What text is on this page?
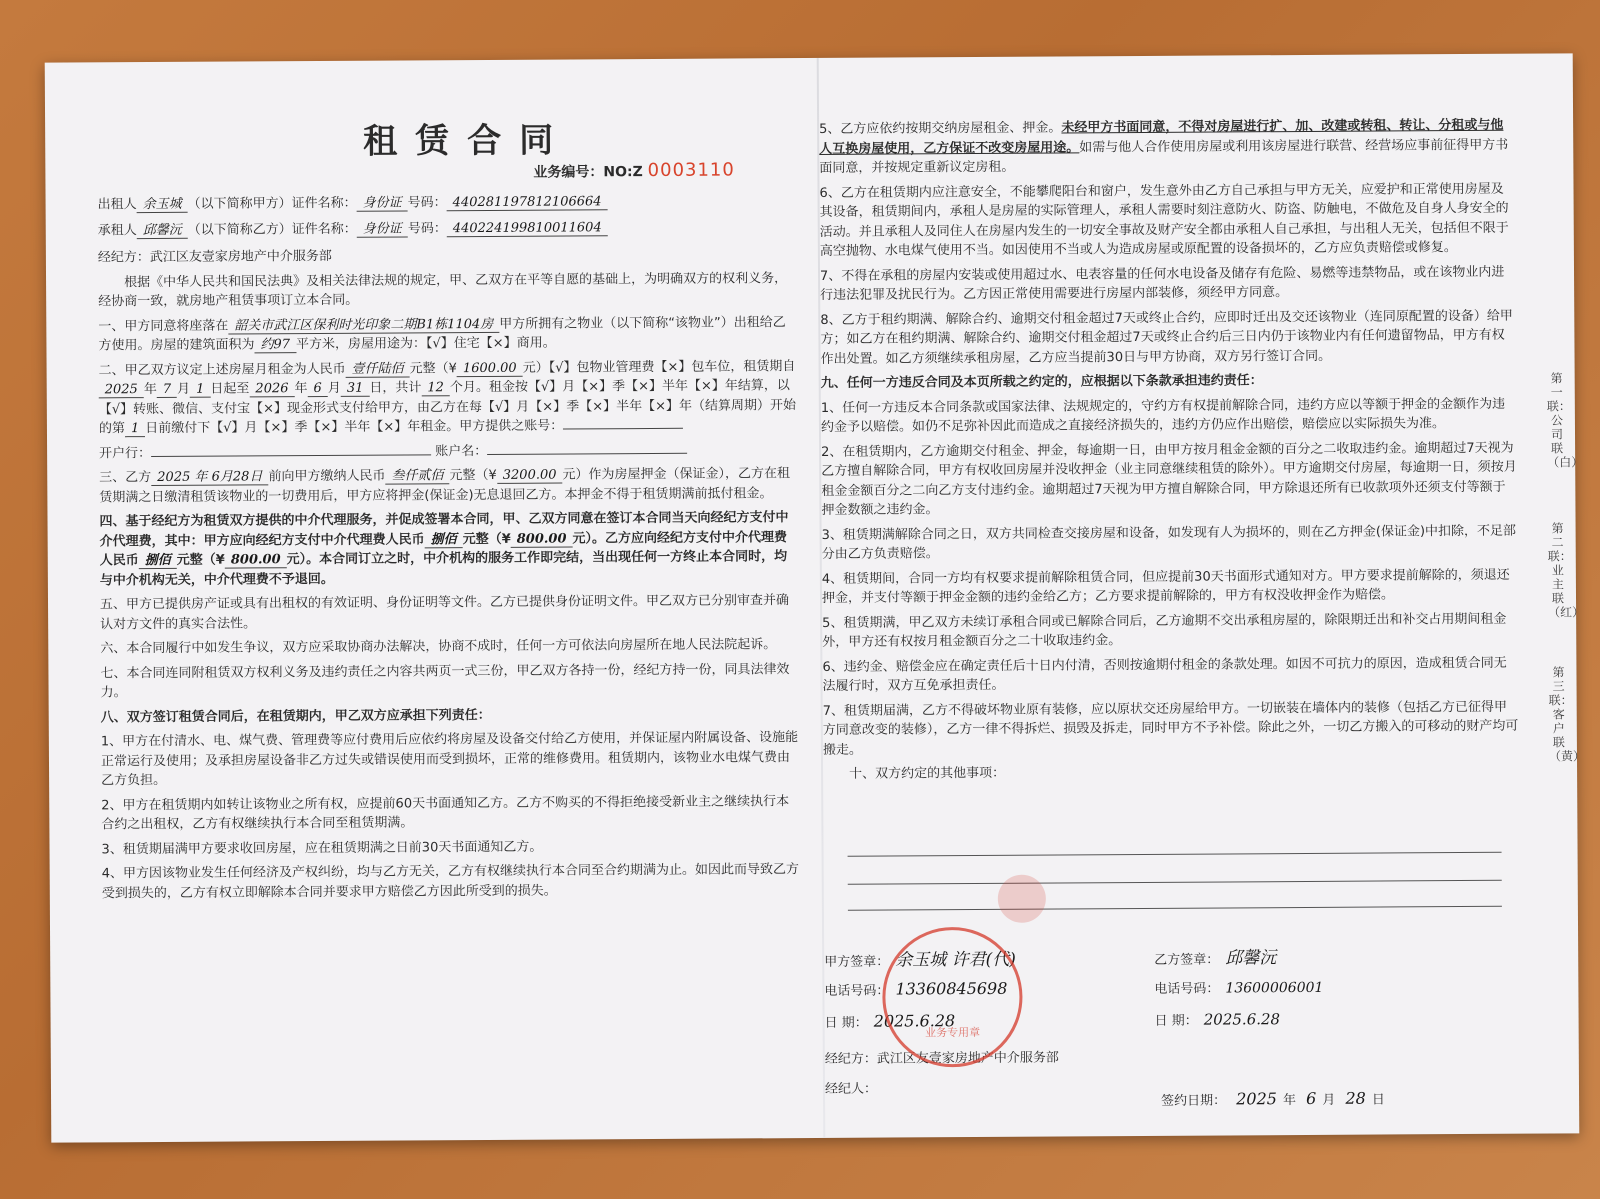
租赁合同
业务编号：NO:Z 0003110

出租人 余玉城 （以下简称甲方）证件名称： 身份证 号码： 440281197812106664

承租人 邱馨沅 （以下简称乙方）证件名称： 身份证 号码： 440224199810011604

经纪方：武江区友壹家房地产中介服务部

根据《中华人民共和国民法典》及相关法律法规的规定，甲、乙双方在平等自愿的基础上，为明确双方的权利义务，经协商一致，就房地产租赁事项订立本合同。

一、甲方同意将座落在 韶关市武江区保利时光印象二期B1栋1104房 甲方所拥有之物业（以下简称“该物业”）出租给乙方使用。房屋的建筑面积为 约97 平方米，房屋用途为：【√】住宅【×】商用。

二、甲乙双方议定上述房屋月租金为人民币 壹仟陆佰 元整（¥ 1600.00 元）【√】包物业管理费【×】包车位，租赁期自2025 年 7 月 1 日起至 2026 年 6 月 31 日，共计 12 个月。租金按【√】月【×】季【×】半年【×】年结算，以【√】转账、微信、支付宝【×】现金形式支付给甲方，由乙方在每【√】月【×】季【×】半年【×】年（结算周期）开始的第 1 日前缴付下【√】月【×】季【×】半年【×】年租金。甲方提供之账号：

开户行：	账户名：

三、乙方 2025 年 6月28日 前向甲方缴纳人民币 叁仟贰佰 元整（¥ 3200.00 元）作为房屋押金（保证金），乙方在租赁期满之日缴清租赁该物业的一切费用后，甲方应将押金(保证金)无息退回乙方。本押金不得于租赁期满前抵付租金。

四、基于经纪方为租赁双方提供的中介代理服务，并促成签署本合同，甲、乙双方同意在签订本合同当天向经纪方支付中介代理费，其中：甲方应向经纪方支付中介代理费人民币 捌佰 元整（¥ 800.00 元）。乙方应向经纪方支付中介代理费人民币 捌佰 元整（¥ 800.00 元）。本合同订立之时，中介机构的服务工作即完结，当出现任何一方终止本合同时，均与中介机构无关，中介代理费不予退回。

五、甲方已提供房产证或具有出租权的有效证明、身份证明等文件。乙方已提供身份证明文件。甲乙双方已分别审查并确认对方文件的真实合法性。

六、本合同履行中如发生争议，双方应采取协商办法解决，协商不成时，任何一方可依法向房屋所在地人民法院起诉。

七、本合同连同附租赁双方权利义务及违约责任之内容共两页一式三份，甲乙双方各持一份，经纪方持一份，同具法律效力。

八、双方签订租赁合同后，在租赁期内，甲乙双方应承担下列责任：

1、甲方在付清水、电、煤气费、管理费等应付费用后应依约将房屋及设备交付给乙方使用，并保证屋内附属设备、设施能正常运行及使用；及承担房屋设备非乙方过失或错误使用而受到损坏，正常的维修费用。租赁期内，该物业水电煤气费由乙方负担。

2、甲方在租赁期内如转让该物业之所有权，应提前60天书面通知乙方。乙方不购买的不得拒绝接受新业主之继续执行本合约之出租权，乙方有权继续执行本合同至租赁期满。

3、租赁期届满甲方要求收回房屋，应在租赁期满之日前30天书面通知乙方。

4、甲方因该物业发生任何经济及产权纠纷，均与乙方无关，乙方有权继续执行本合同至合约期满为止。如因此而导致乙方受到损失的，乙方有权立即解除本合同并要求甲方赔偿乙方因此所受到的损失。

5、乙方应依约按期交纳房屋租金、押金。未经甲方书面同意，不得对房屋进行扩、加、改建或转租、转让、分租或与他人互换房屋使用，乙方保证不改变房屋用途。如需与他人合作使用房屋或利用该房屋进行联营、经营场应事前征得甲方书面同意，并按规定重新议定房租。

6、乙方在租赁期内应注意安全，不能攀爬阳台和窗户，发生意外由乙方自己承担与甲方无关，应爱护和正常使用房屋及其设备，租赁期间内，承租人是房屋的实际管理人，承租人需要时刻注意防火、防盗、防触电，不做危及自身人身安全的活动。并且承租人及同住人在房屋内发生的一切安全事故及财产安全都由承租人自己承担，与出租人无关，包括但不限于高空抛物、水电煤气使用不当。如因使用不当或人为造成房屋或原配置的设备损坏的，乙方应负责赔偿或修复。

7、不得在承租的房屋内安装或使用超过水、电表容量的任何水电设备及储存有危险、易燃等违禁物品，或在该物业内进行违法犯罪及扰民行为。乙方因正常使用需要进行房屋内部装修，须经甲方同意。

8、乙方于租约期满、解除合约、逾期交付租金超过7天或终止合约，应即时迁出及交还该物业（连同原配置的设备）给甲方；如乙方在租约期满、解除合约、逾期交付租金超过7天或终止合约后三日内仍于该物业内有任何遗留物品，甲方有权作出处置。如乙方须继续承租房屋，乙方应当提前30日与甲方协商，双方另行签订合同。

九、任何一方违反合同及本页所载之约定的，应根据以下条款承担违约责任：

1、任何一方违反本合同条款或国家法律、法规规定的，守约方有权提前解除合同，违约方应以等额于押金的金额作为违约金予以赔偿。如仍不足弥补因此而造成之直接经济损失的，违约方仍应作出赔偿，赔偿应以实际损失为准。

2、在租赁期内，乙方逾期交付租金、押金，每逾期一日，由甲方按月租金金额的百分之二收取违约金。逾期超过7天视为乙方擅自解除合同，甲方有权收回房屋并没收押金（业主同意继续租赁的除外）。甲方逾期交付房屋，每逾期一日，须按月租金金额百分之二向乙方支付违约金。逾期超过7天视为甲方擅自解除合同，甲方除退还所有已收款项外还须支付等额于押金数额之违约金。

3、租赁期满解除合同之日，双方共同检查交接房屋和设备，如发现有人为损坏的，则在乙方押金(保证金)中扣除，不足部分由乙方负责赔偿。

4、租赁期间，合同一方均有权要求提前解除租赁合同，但应提前30天书面形式通知对方。甲方要求提前解除的，须退还押金，并支付等额于押金金额的违约金给乙方；乙方要求提前解除的，甲方有权没收押金作为赔偿。

5、租赁期满，甲乙双方未续订承租合同或已解除合同后，乙方逾期不交出承租房屋的，除限期迁出和补交占用期间租金外，甲方还有权按月租金额百分之二十收取违约金。

6、违约金、赔偿金应在确定责任后十日内付清，否则按逾期付租金的条款处理。如因不可抗力的原因，造成租赁合同无法履行时，双方互免承担责任。

7、租赁期届满，乙方不得破坏物业原有装修，应以原状交还房屋给甲方。一切嵌装在墙体内的装修（包括乙方已征得甲方同意改变的装修），乙方一律不得拆烂、损毁及拆走，同时甲方不予补偿。除此之外，一切乙方搬入的可移动的财产均可搬走。

十、双方约定的其他事项：

甲方签章： 余玉城 许君(代)	乙方签章： 邱馨沅
电话号码： 13360845698	电话号码： 13600006001
日 期： 2025.6.28	日 期： 2025.6.28
经纪方：武江区友壹家房地产中介服务部
经纪人：
签约日期： 2025 年 6 月 28 日
业务专用章
第一联：公司联（白）
第二联：业主联（红）
第三联：客户联（黄）
